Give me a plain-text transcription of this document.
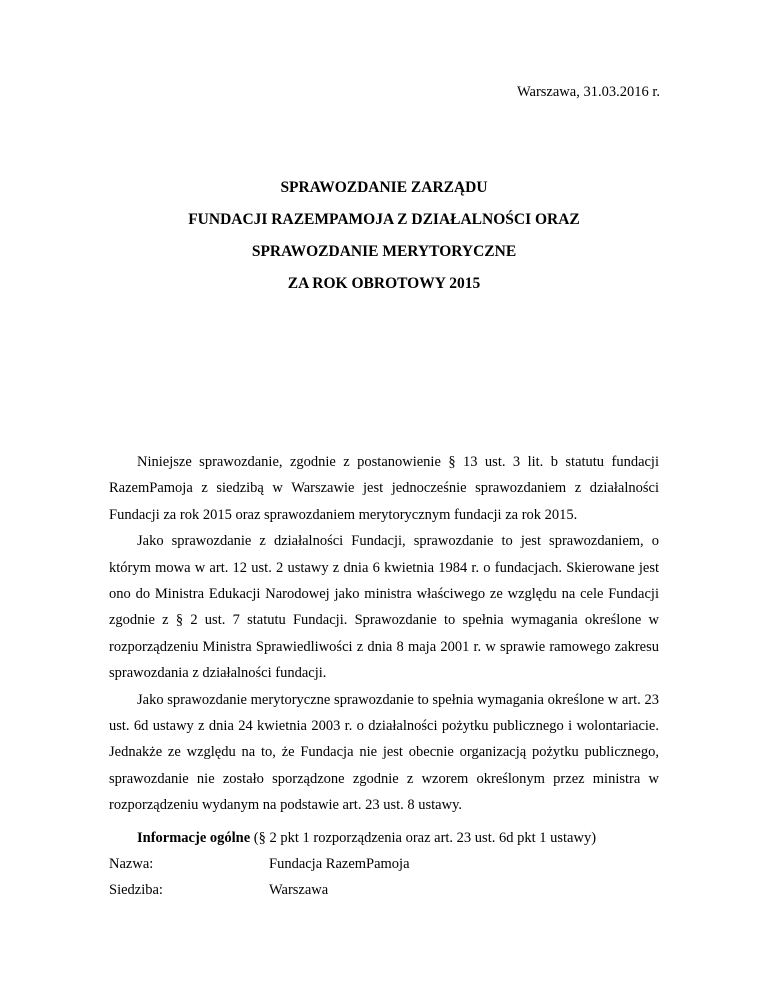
Warszawa, 31.03.2016 r.
SPRAWOZDANIE ZARZĄDU
FUNDACJI RAZEMPAMOJA Z DZIAŁALNOŚCI ORAZ
SPRAWOZDANIE MERYTORYCZNE
ZA ROK OBROTOWY 2015

Niniejsze sprawozdanie, zgodnie z postanowienie § 13 ust. 3 lit. b statutu fundacji RazemPamoja z siedzibą w Warszawie jest jednocześnie sprawozdaniem z działalności Fundacji za rok 2015 oraz sprawozdaniem merytorycznym fundacji za rok 2015.

Jako sprawozdanie z działalności Fundacji, sprawozdanie to jest sprawozdaniem, o którym mowa w art. 12 ust. 2 ustawy z dnia 6 kwietnia 1984 r. o fundacjach. Skierowane jest ono do Ministra Edukacji Narodowej jako ministra właściwego ze względu na cele Fundacji zgodnie z § 2 ust. 7 statutu Fundacji. Sprawozdanie to spełnia wymagania określone w rozporządzeniu Ministra Sprawiedliwości z dnia 8 maja 2001 r. w sprawie ramowego zakresu sprawozdania z działalności fundacji.

Jako sprawozdanie merytoryczne sprawozdanie to spełnia wymagania określone w art. 23 ust. 6d ustawy z dnia 24 kwietnia 2003 r. o działalności pożytku publicznego i wolontariacie. Jednakże ze względu na to, że Fundacja nie jest obecnie organizacją pożytku publicznego, sprawozdanie nie zostało sporządzone zgodnie z wzorem określonym przez ministra w rozporządzeniu wydanym na podstawie art. 23 ust. 8 ustawy.

Informacje ogólne (§ 2 pkt 1 rozporządzenia oraz art. 23 ust. 6d pkt 1 ustawy)

Nazwa:	Fundacja RazemPamoja
Siedziba:	Warszawa
